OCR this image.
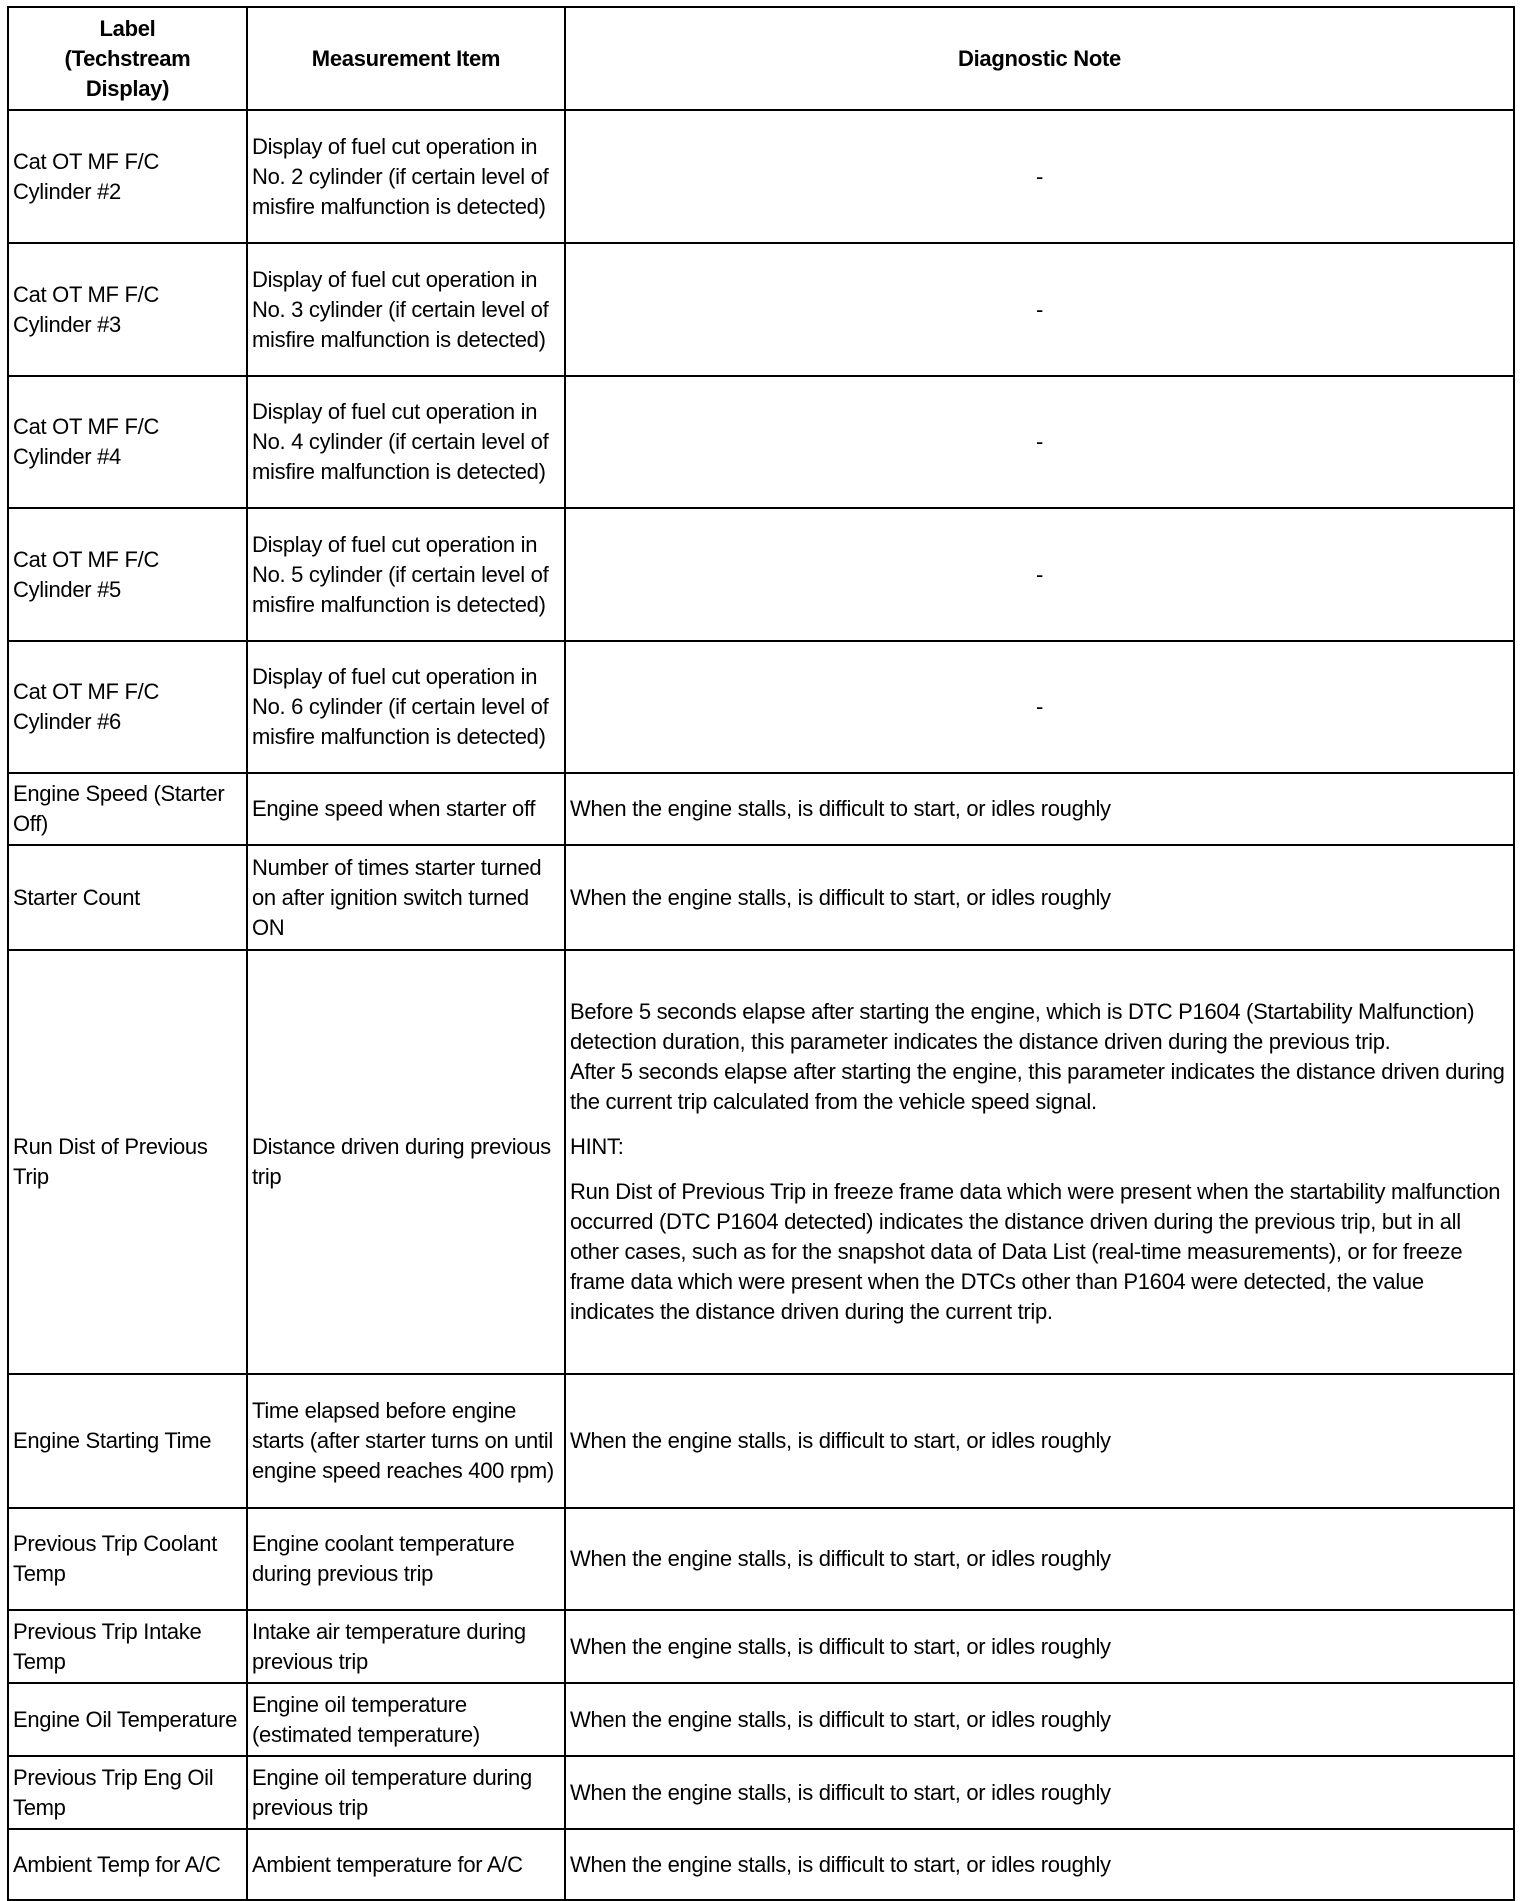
Label (Techstream Display)	Measurement Item	Diagnostic Note
Cat OT MF F/C Cylinder #2	Display of fuel cut operation in No. 2 cylinder (if certain level of misfire malfunction is detected)	-
Cat OT MF F/C Cylinder #3	Display of fuel cut operation in No. 3 cylinder (if certain level of misfire malfunction is detected)	-
Cat OT MF F/C Cylinder #4	Display of fuel cut operation in No. 4 cylinder (if certain level of misfire malfunction is detected)	-
Cat OT MF F/C Cylinder #5	Display of fuel cut operation in No. 5 cylinder (if certain level of misfire malfunction is detected)	-
Cat OT MF F/C Cylinder #6	Display of fuel cut operation in No. 6 cylinder (if certain level of misfire malfunction is detected)	-
Engine Speed (Starter Off)	Engine speed when starter off	When the engine stalls, is difficult to start, or idles roughly
Starter Count	Number of times starter turned on after ignition switch turned ON	When the engine stalls, is difficult to start, or idles roughly
Run Dist of Previous Trip	Distance driven during previous trip	Before 5 seconds elapse after starting the engine, which is DTC P1604 (Startability Malfunction) detection duration, this parameter indicates the distance driven during the previous trip.
After 5 seconds elapse after starting the engine, this parameter indicates the distance driven during the current trip calculated from the vehicle speed signal.
HINT:
Run Dist of Previous Trip in freeze frame data which were present when the startability malfunction occurred (DTC P1604 detected) indicates the distance driven during the previous trip, but in all other cases, such as for the snapshot data of Data List (real-time measurements), or for freeze frame data which were present when the DTCs other than P1604 were detected, the value indicates the distance driven during the current trip.

Engine Starting Time	Time elapsed before engine starts (after starter turns on until engine speed reaches 400 rpm)	When the engine stalls, is difficult to start, or idles roughly
Previous Trip Coolant Temp	Engine coolant temperature during previous trip	When the engine stalls, is difficult to start, or idles roughly
Previous Trip Intake Temp	Intake air temperature during previous trip	When the engine stalls, is difficult to start, or idles roughly
Engine Oil Temperature	Engine oil temperature (estimated temperature)	When the engine stalls, is difficult to start, or idles roughly
Previous Trip Eng Oil Temp	Engine oil temperature during previous trip	When the engine stalls, is difficult to start, or idles roughly
Ambient Temp for A/C	Ambient temperature for A/C	When the engine stalls, is difficult to start, or idles roughly
